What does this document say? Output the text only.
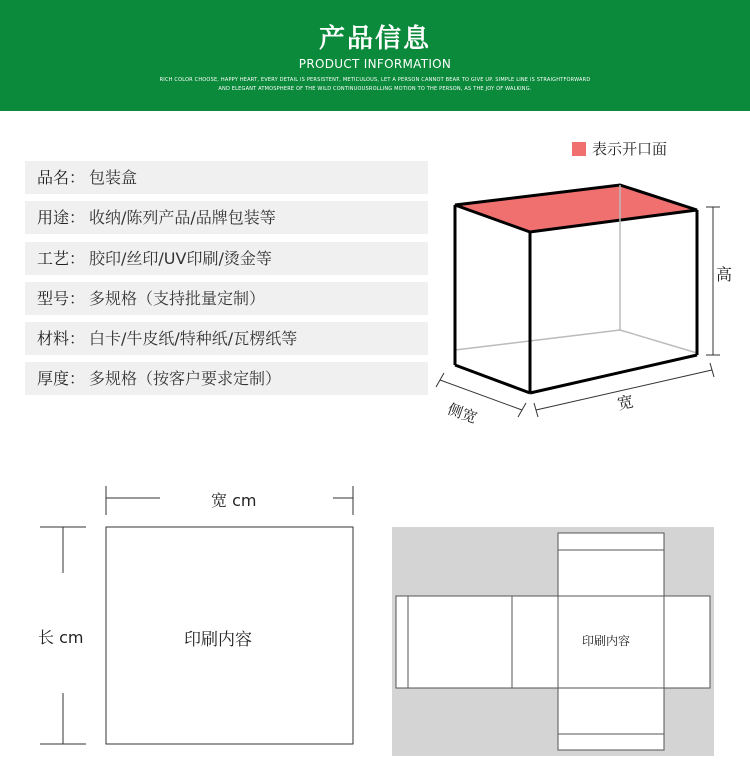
产品信息
PRODUCT INFORMATION
RICH COLOR CHOOSE, HAPPY HEART, EVERY DETAIL IS PERSISTENT, METICULOUS, LET A PERSON CANNOT BEAR TO GIVE UP. SIMPLE LINE IS STRAIGHTFORWARD
AND ELEGANT ATMOSPHERE OF THE WILD CONTINUOUSROLLING MOTION TO THE PERSON, AS THE JOY OF WALKING.
品名： 包装盒
用途： 收纳/陈列产品/品牌包装等
工艺： 胶印/丝印/UV印刷/烫金等
型号： 多规格（支持批量定制）
材料： 白卡/牛皮纸/特种纸/瓦楞纸等
厚度： 多规格（按客户要求定制）
表示开口面
高
侧宽	宽
宽 cm
长 cm	印刷内容	印刷内容
